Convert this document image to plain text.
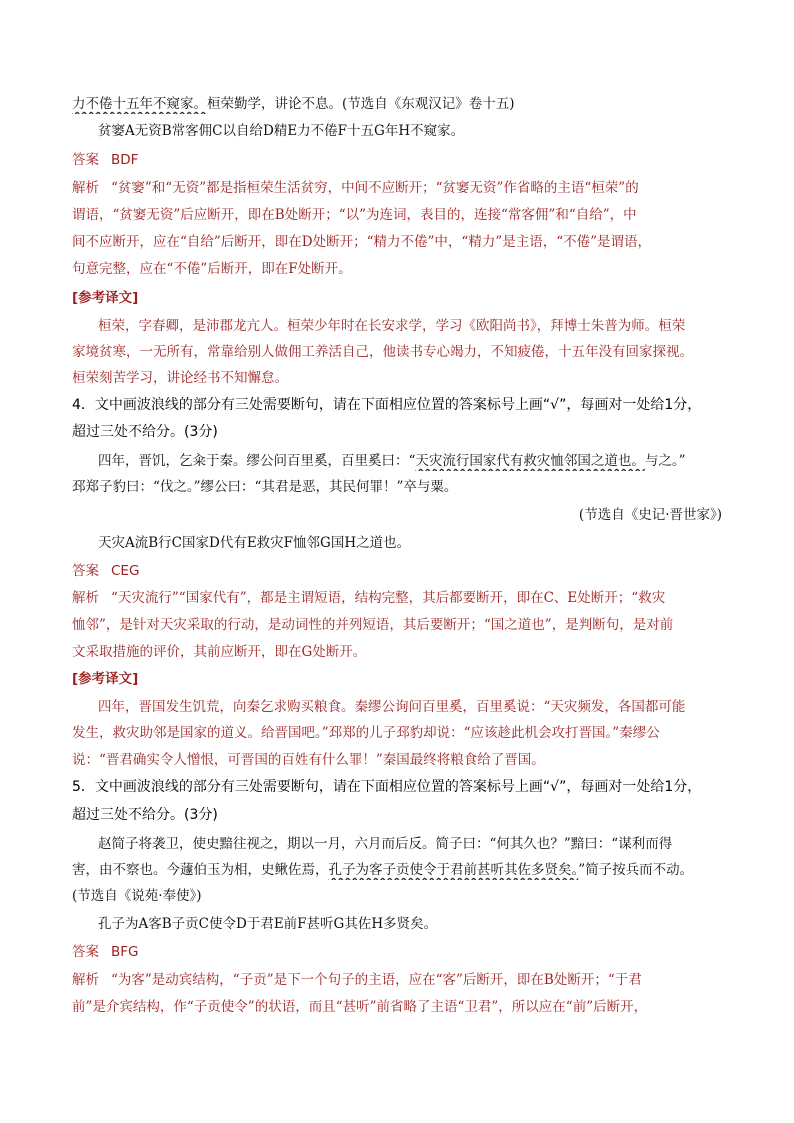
力不倦十五年不窥家。桓荣勤学，讲论不息。(节选自《东观汉记》卷十五)
贫窭A无资B常客佣C以自给D精E力不倦F十五G年H不窥家。
答案 BDF
解析 “贫窭”和“无资”都是指桓荣生活贫穷，中间不应断开；“贫窭无资”作省略的主语“桓荣”的
谓语，“贫窭无资”后应断开，即在B处断开；“以”为连词，表目的，连接“常客佣”和“自给”，中
间不应断开，应在“自给”后断开，即在D处断开；“精力不倦”中，“精力”是主语，“不倦”是谓语，
句意完整，应在“不倦”后断开，即在F处断开。
[参考译文]
桓荣，字春卿，是沛郡龙亢人。桓荣少年时在长安求学，学习《欧阳尚书》，拜博士朱普为师。桓荣
家境贫寒，一无所有，常靠给别人做佣工养活自己，他读书专心竭力，不知疲倦，十五年没有回家探视。
桓荣刻苦学习，讲论经书不知懈怠。
4．文中画波浪线的部分有三处需要断句，请在下面相应位置的答案标号上画“√”，每画对一处给1分，
超过三处不给分。(3分)
四年，晋饥，乞籴于秦。缪公问百里奚，百里奚曰：“天灾流行国家代有救灾恤邻国之道也。与之。”
邳郑子豹曰：“伐之。”缪公曰：“其君是恶，其民何罪！”卒与粟。
(节选自《史记·晋世家》)
天灾A流B行C国家D代有E救灾F恤邻G国H之道也。
答案 CEG
解析 “天灾流行”“国家代有”，都是主谓短语，结构完整，其后都要断开，即在C、E处断开；“救灾
恤邻”，是针对天灾采取的行动，是动词性的并列短语，其后要断开；“国之道也”，是判断句，是对前
文采取措施的评价，其前应断开，即在G处断开。
[参考译文]
四年，晋国发生饥荒，向秦乞求购买粮食。秦缪公询问百里奚，百里奚说：“天灾频发，各国都可能
发生，救灾助邻是国家的道义。给晋国吧。”邳郑的儿子邳豹却说：“应该趁此机会攻打晋国。”秦缪公
说：“晋君确实令人憎恨，可晋国的百姓有什么罪！”秦国最终将粮食给了晋国。
5．文中画波浪线的部分有三处需要断句，请在下面相应位置的答案标号上画“√”，每画对一处给1分，
超过三处不给分。(3分)
赵简子将袭卫，使史黯往视之，期以一月，六月而后反。简子曰：“何其久也？”黯曰：“谋利而得
害，由不察也。今蘧伯玉为相，史鳅佐焉，孔子为客子贡使令于君前甚听其佐多贤矣。”简子按兵而不动。
(节选自《说苑·奉使》)
孔子为A客B子贡C使令D于君E前F甚听G其佐H多贤矣。
答案 BFG
解析 “为客”是动宾结构，“子贡”是下一个句子的主语，应在“客”后断开，即在B处断开；“于君
前”是介宾结构，作“子贡使令”的状语，而且“甚听”前省略了主语“卫君”，所以应在“前”后断开，
